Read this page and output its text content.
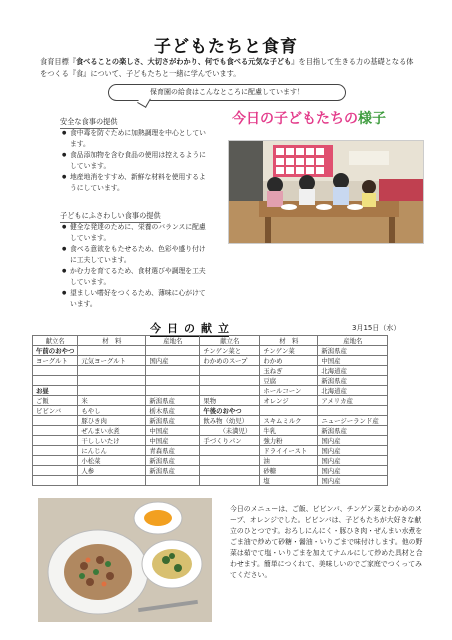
子どもたちと食育
食育目標『食べることの楽しさ、大切さがわかり、何でも食べる元気な子ども』を目指して生きる力の基礎となる体をつくる『食』について、子どもたちと一緒に学んでいます。
保育園の給食はこんなところに配慮しています！
安全な食事の提供
● 食中毒を防ぐために加熱調理を中心としています。
● 食品添加物を含む食品の使用は控えるようにしています。
● 地産地消をすすめ、新鮮な材料を使用するようにしています。
子どもにふさわしい食事の提供
● 健全な発達のために、栄養のバランスに配慮しています。
● 食べる意欲をもたせるため、色彩や盛り付けに工夫しています。
● かむ力を育てるため、食材選びや調理を工夫しています。
● 望ましい嗜好をつくるため、薄味に心がけています。
今日の子どもたちの様子
今日の献立	3月15日（水）
献立名	材　料	産地名	献立名	材　料	産地名
午前のおやつ			チンゲン菜と	チンゲン菜	新潟県産
ヨーグルト	元気ヨーグルト	国内産	わかめのスープ	わかめ	中国産
				玉ねぎ	北海道産
				豆腐	新潟県産
お昼				ホールコーン	北海道産
ご飯	米	新潟県産	果物	オレンジ	アメリカ産
ビビンバ	もやし	栃木県産	午後のおやつ		
	豚ひき肉	新潟県産	飲み物（幼児）	スキムミルク	ニュージーランド産
	ぜんまい水煮	中国産	　　　（未満児）	牛乳	新潟県産
	干ししいたけ	中国産	手づくりパン	強力粉	国内産
	にんじん	青森県産		ドライイースト	国内産
	小松菜	新潟県産		油	国内産
	人参	新潟県産		砂糖	国内産
				塩	国内産
今日のメニューは、ご飯、ビビンバ、チンゲン菜とわかめのスープ、オレンジでした。ビビンバは、子どもたちが大好きな献立のひとつです。おろしにんにく・豚ひき肉・ぜんまい水煮をごま油で炒めて砂糖・醤油・いりごまで味付けします。他の野菜は茹でて塩・いりごまを加えてナムルにして炒めた具材と合わせます。簡単につくれて、美味しいのでご家庭でつくってみてください。
